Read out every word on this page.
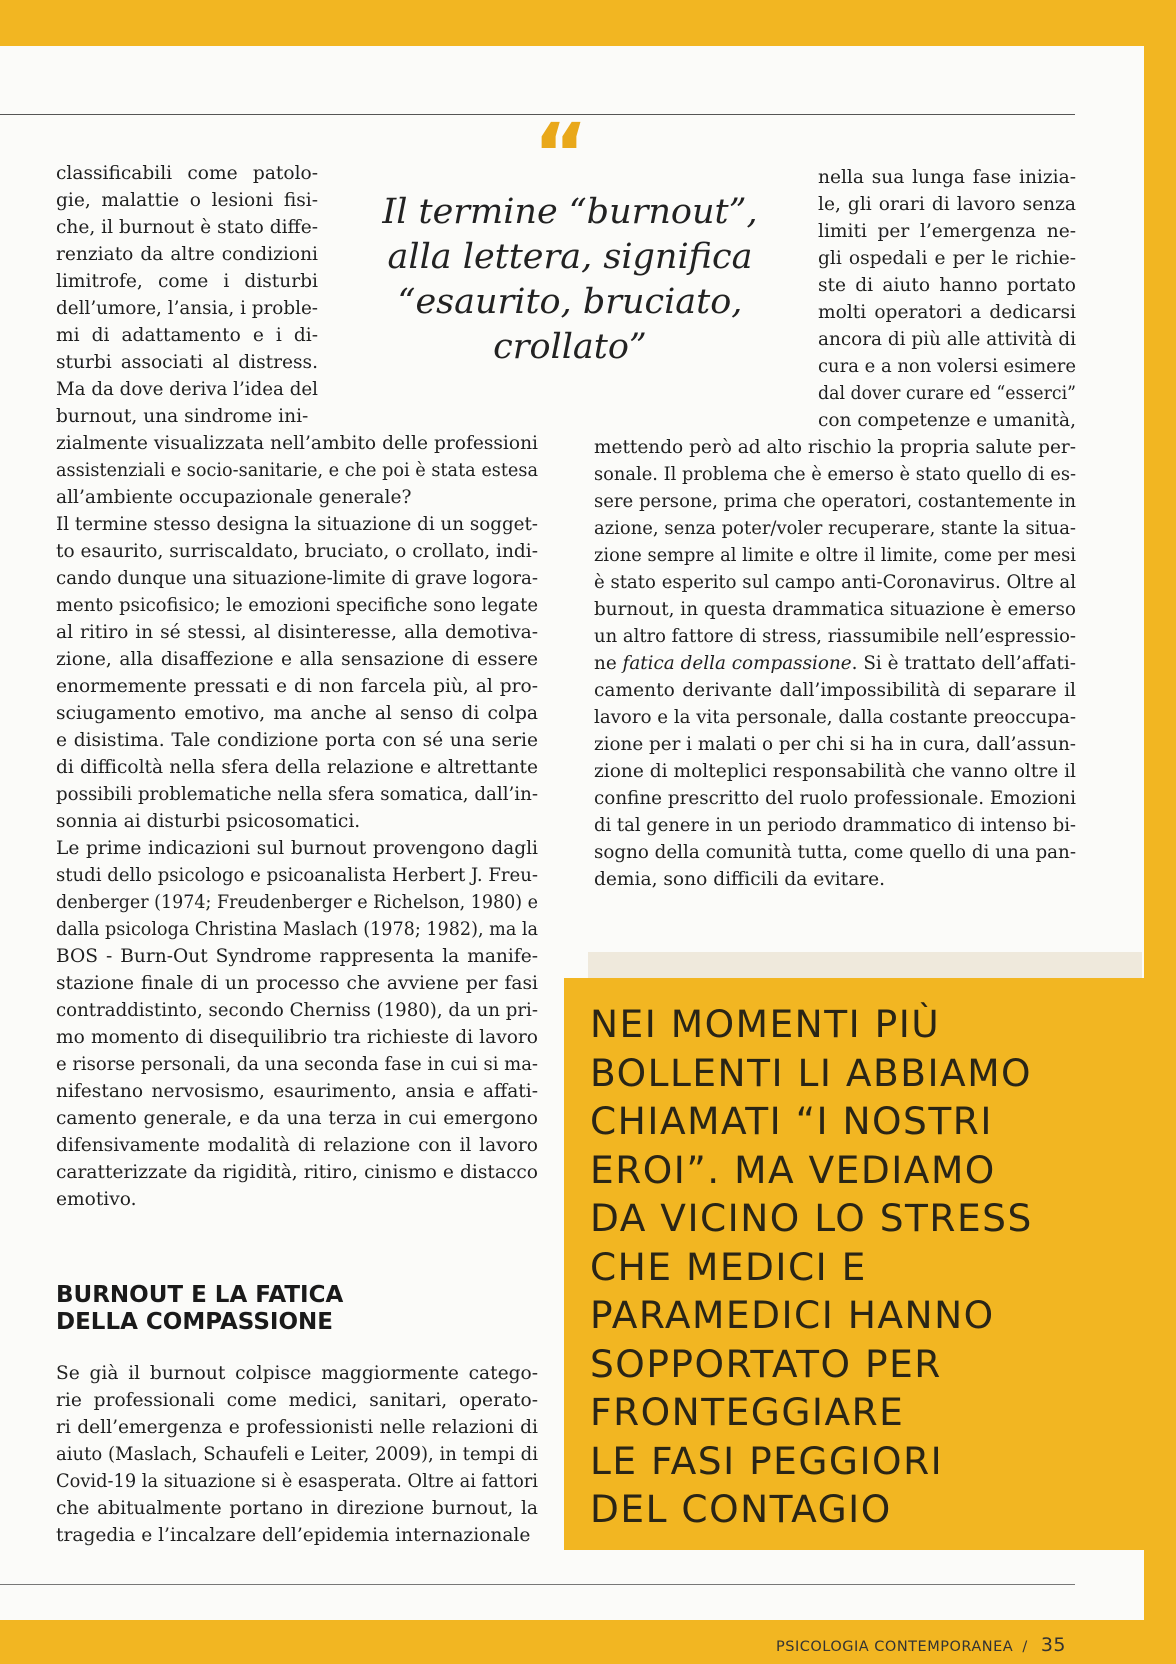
classificabili come patolo-
gie, malattie o lesioni fisi-
che, il burnout è stato diffe-
renziato da altre condizioni
limitrofe, come i disturbi
dell’umore, l’ansia, i proble-
mi di adattamento e i di-
sturbi associati al distress.
Ma da dove deriva l’idea del
burnout, una sindrome ini-
zialmente visualizzata nell’ambito delle professioni
assistenziali e socio-sanitarie, e che poi è stata estesa
all’ambiente occupazionale generale?
Il termine stesso designa la situazione di un sogget-
to esaurito, surriscaldato, bruciato, o crollato, indi-
cando dunque una situazione-limite di grave logora-
mento psicofisico; le emozioni specifiche sono legate
al ritiro in sé stessi, al disinteresse, alla demotiva-
zione, alla disaffezione e alla sensazione di essere
enormemente pressati e di non farcela più, al pro-
sciugamento emotivo, ma anche al senso di colpa
e disistima. Tale condizione porta con sé una serie
di difficoltà nella sfera della relazione e altrettante
possibili problematiche nella sfera somatica, dall’in-
sonnia ai disturbi psicosomatici.
Le prime indicazioni sul burnout provengono dagli
studi dello psicologo e psicoanalista Herbert J. Freu-
denberger (1974; Freudenberger e Richelson, 1980) e
dalla psicologa Christina Maslach (1978; 1982), ma la
BOS - Burn-Out Syndrome rappresenta la manife-
stazione finale di un processo che avviene per fasi
contraddistinto, secondo Cherniss (1980), da un pri-
mo momento di disequilibrio tra richieste di lavoro
e risorse personali, da una seconda fase in cui si ma-
nifestano nervosismo, esaurimento, ansia e affati-
camento generale, e da una terza in cui emergono
difensivamente modalità di relazione con il lavoro
caratterizzate da rigidità, ritiro, cinismo e distacco
emotivo.
“
Il termine “burnout”,
alla lettera, significa
“esaurito, bruciato,
crollato”
nella sua lunga fase inizia-
le, gli orari di lavoro senza
limiti per l’emergenza ne-
gli ospedali e per le richie-
ste di aiuto hanno portato
molti operatori a dedicarsi
ancora di più alle attività di
cura e a non volersi esimere
dal dover curare ed “esserci”
con competenze e umanità,
mettendo però ad alto rischio la propria salute per-
sonale. Il problema che è emerso è stato quello di es-
sere persone, prima che operatori, costantemente in
azione, senza poter/voler recuperare, stante la situa-
zione sempre al limite e oltre il limite, come per mesi
è stato esperito sul campo anti-Coronavirus. Oltre al
burnout, in questa drammatica situazione è emerso
un altro fattore di stress, riassumibile nell’espressio-
ne fatica della compassione. Si è trattato dell’affati-
camento derivante dall’impossibilità di separare il
lavoro e la vita personale, dalla costante preoccupa-
zione per i malati o per chi si ha in cura, dall’assun-
zione di molteplici responsabilità che vanno oltre il
confine prescritto del ruolo professionale. Emozioni
di tal genere in un periodo drammatico di intenso bi-
sogno della comunità tutta, come quello di una pan-
demia, sono difficili da evitare.
BURNOUT E LA FATICA
DELLA COMPASSIONE
Se già il burnout colpisce maggiormente catego-
rie professionali come medici, sanitari, operato-
ri dell’emergenza e professionisti nelle relazioni di
aiuto (Maslach, Schaufeli e Leiter, 2009), in tempi di
Covid-19 la situazione si è esasperata. Oltre ai fattori
che abitualmente portano in direzione burnout, la
tragedia e l’incalzare dell’epidemia internazionale
NEI MOMENTI PIÙ
BOLLENTI LI ABBIAMO
CHIAMATI “I NOSTRI
EROI”. MA VEDIAMO
DA VICINO LO STRESS
CHE MEDICI E
PARAMEDICI HANNO
SOPPORTATO PER
FRONTEGGIARE
LE FASI PEGGIORI
DEL CONTAGIO
PSICOLOGIA CONTEMPORANEA / 35
